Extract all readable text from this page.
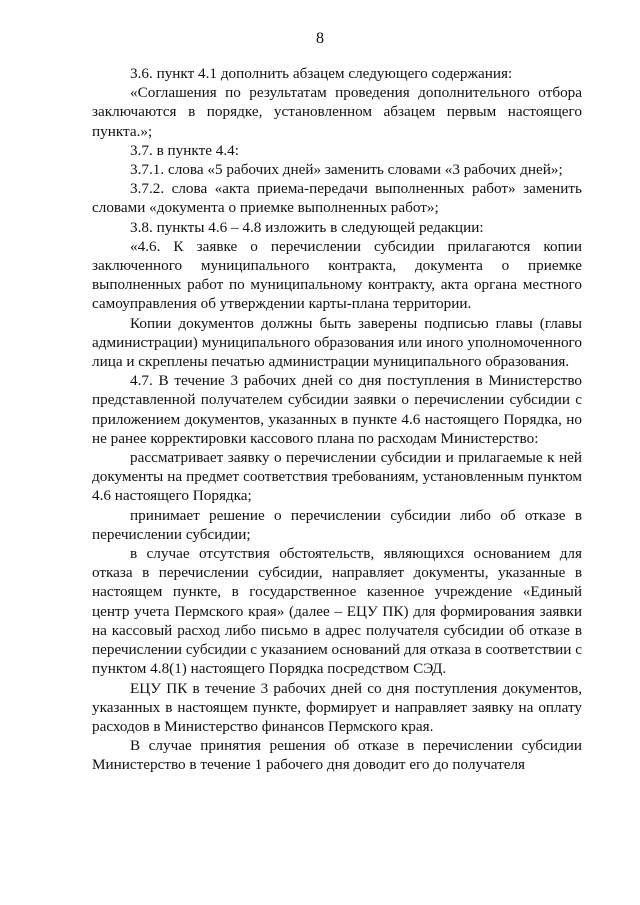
8

3.6. пункт 4.1 дополнить абзацем следующего содержания:

«Соглашения по результатам проведения дополнительного отбора заключаются в порядке, установленном абзацем первым настоящего пункта.»;

3.7. в пункте 4.4:

3.7.1. слова «5 рабочих дней» заменить словами «3 рабочих дней»;

3.7.2. слова «акта приема-передачи выполненных работ» заменить словами «документа о приемке выполненных работ»;

3.8. пункты 4.6 – 4.8 изложить в следующей редакции:

«4.6. К заявке о перечислении субсидии прилагаются копии заключенного муниципального контракта, документа о приемке выполненных работ по муниципальному контракту, акта органа местного самоуправления об утверждении карты-плана территории.

Копии документов должны быть заверены подписью главы (главы администрации) муниципального образования или иного уполномоченного лица и скреплены печатью администрации муниципального образования.

4.7. В течение 3 рабочих дней со дня поступления в Министерство представленной получателем субсидии заявки о перечислении субсидии с приложением документов, указанных в пункте 4.6 настоящего Порядка, но не ранее корректировки кассового плана по расходам Министерство:

рассматривает заявку о перечислении субсидии и прилагаемые к ней документы на предмет соответствия требованиям, установленным пунктом 4.6 настоящего Порядка;

принимает решение о перечислении субсидии либо об отказе в перечислении субсидии;

в случае отсутствия обстоятельств, являющихся основанием для отказа в перечислении субсидии, направляет документы, указанные в настоящем пункте, в государственное казенное учреждение «Единый центр учета Пермского края» (далее – ЕЦУ ПК) для формирования заявки на кассовый расход либо письмо в адрес получателя субсидии об отказе в перечислении субсидии с указанием оснований для отказа в соответствии с пунктом 4.8(1) настоящего Порядка посредством СЭД.

ЕЦУ ПК в течение 3 рабочих дней со дня поступления документов, указанных в настоящем пункте, формирует и направляет заявку на оплату расходов в Министерство финансов Пермского края.

В случае принятия решения об отказе в перечислении субсидии Министерство в течение 1 рабочего дня доводит его до получателя
